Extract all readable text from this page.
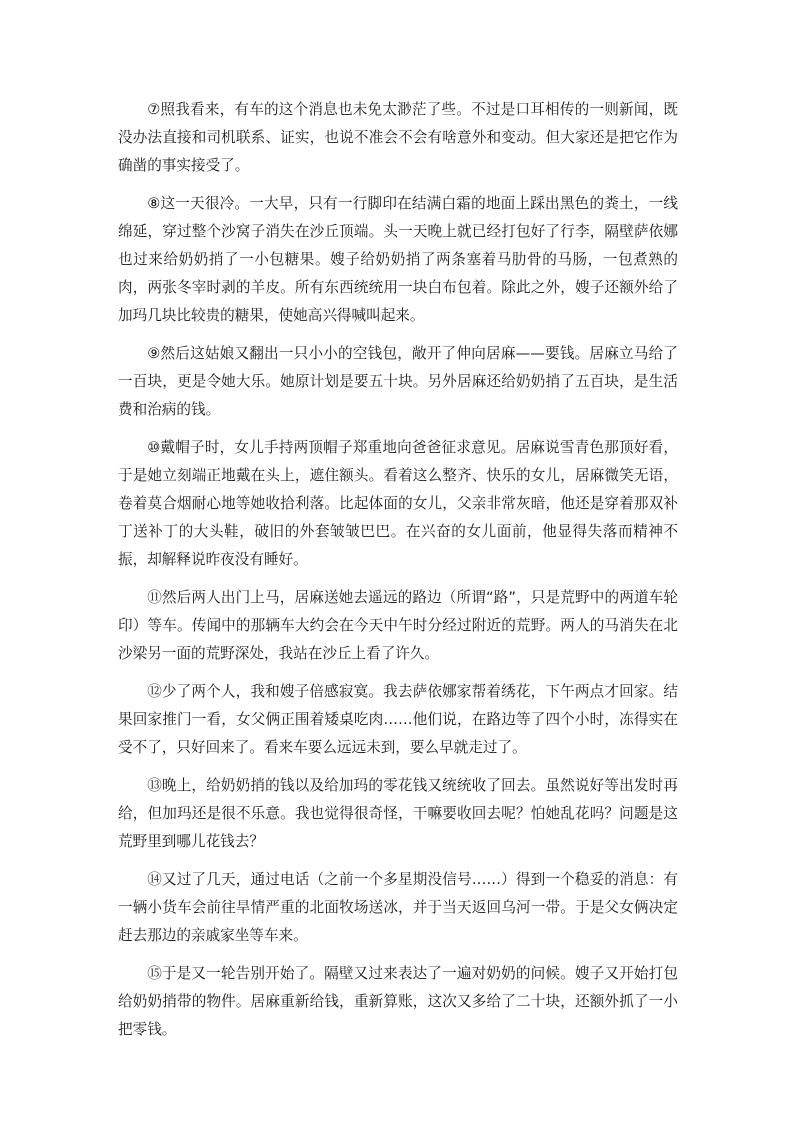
⑦照我看来，有车的这个消息也未免太渺茫了些。不过是口耳相传的一则新闻，既没办法直接和司机联系、证实，也说不准会不会有啥意外和变动。但大家还是把它作为确凿的事实接受了。

⑧这一天很冷。一大早，只有一行脚印在结满白霜的地面上踩出黑色的粪土，一线绵延，穿过整个沙窝子消失在沙丘顶端。头一天晚上就已经打包好了行李，隔壁萨依娜也过来给奶奶捎了一小包糖果。嫂子给奶奶捎了两条塞着马肋骨的马肠，一包煮熟的肉，两张冬宰时剥的羊皮。所有东西统统用一块白布包着。除此之外，嫂子还额外给了加玛几块比较贵的糖果，使她高兴得喊叫起来。

⑨然后这姑娘又翻出一只小小的空钱包，敞开了伸向居麻——要钱。居麻立马给了一百块，更是令她大乐。她原计划是要五十块。另外居麻还给奶奶捎了五百块，是生活费和治病的钱。

⑩戴帽子时，女儿手持两顶帽子郑重地向爸爸征求意见。居麻说雪青色那顶好看，于是她立刻端正地戴在头上，遮住额头。看着这么整齐、快乐的女儿，居麻微笑无语，卷着莫合烟耐心地等她收拾利落。比起体面的女儿，父亲非常灰暗，他还是穿着那双补丁送补丁的大头鞋，破旧的外套皱皱巴巴。在兴奋的女儿面前，他显得失落而精神不振，却解释说昨夜没有睡好。

⑪然后两人出门上马，居麻送她去遥远的路边（所谓“路”，只是荒野中的两道车轮印）等车。传闻中的那辆车大约会在今天中午时分经过附近的荒野。两人的马消失在北沙梁另一面的荒野深处，我站在沙丘上看了许久。

⑫少了两个人，我和嫂子倍感寂寞。我去萨依娜家帮着绣花，下午两点才回家。结果回家推门一看，女父俩正围着矮桌吃肉……他们说，在路边等了四个小时，冻得实在受不了，只好回来了。看来车要么远远未到，要么早就走过了。

⑬晚上，给奶奶捎的钱以及给加玛的零花钱又统统收了回去。虽然说好等出发时再给，但加玛还是很不乐意。我也觉得很奇怪，干嘛要收回去呢？怕她乱花吗？问题是这荒野里到哪儿花钱去？

⑭又过了几天，通过电话（之前一个多星期没信号……）得到一个稳妥的消息：有一辆小货车会前往旱情严重的北面牧场送冰，并于当天返回乌河一带。于是父女俩决定赶去那边的亲戚家坐等车来。

⑮于是又一轮告别开始了。隔壁又过来表达了一遍对奶奶的问候。嫂子又开始打包给奶奶捎带的物件。居麻重新给钱，重新算账，这次又多给了二十块，还额外抓了一小把零钱。
